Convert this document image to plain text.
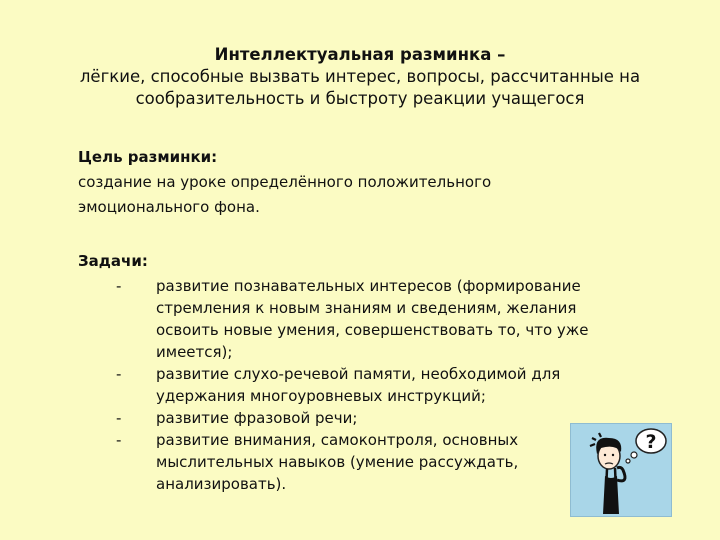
Интеллектуальная разминка –
лёгкие, способные вызвать интерес, вопросы, рассчитанные на
сообразительность и быстроту реакции учащегося
Цель разминки:
создание на уроке определённого положительного
эмоционального фона.
Задачи:
- развитие познавательных интересов (формирование стремления к новым знаниям и сведениям, желания освоить новые умения, совершенствовать то, что уже имеется);
- развитие слухо-речевой памяти, необходимой для удержания многоуровневых инструкций;
- развитие фразовой речи;
- развитие внимания, самоконтроля, основных мыслительных навыков (умение рассуждать, анализировать).
?
